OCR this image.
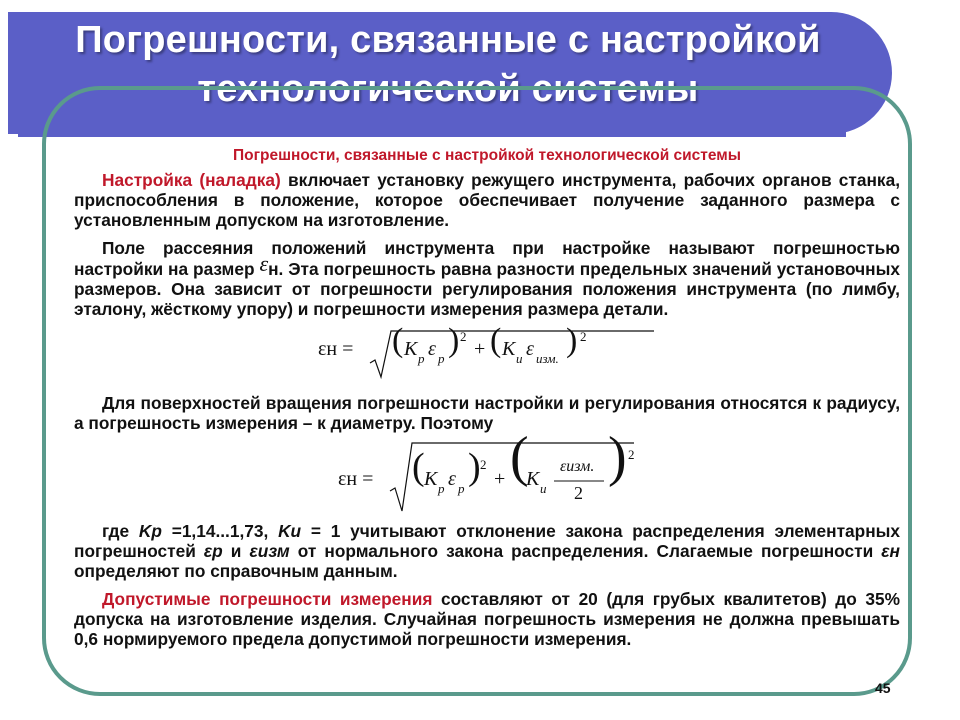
Погрешности, связанные с настройкой технологической системы
Погрешности, связанные с настройкой технологической системы

Настройка (наладка) включает установку режущего инструмента, рабочих органов станка, приспособления в положение, которое обеспечивает получение заданного размера с установленным допуском на изготовление.

Поле рассеяния положений инструмента при настройке называют погрешностью настройки на размер εн. Эта погрешность равна разности предельных значений установочных размеров. Она зависит от погрешности регулирования положения инструмента (по лимбу, эталону, жёсткому упору) и погрешности измерения размера детали.

εн = ( K p ε p ) 2
+ ( K и ε изм. ) 2

Для поверхностей вращения погрешности настройки и регулирования относятся к радиусу, а погрешность измерения – к диаметру. Поэтому

εн = ( K p ε p
) 2
+ (
K и
εизм.
2
) 2

где Kp =1,14...1,73, Kи = 1 учитывают отклонение закона распределения элементарных погрешностей εp и εизм от нормального закона распределения. Слагаемые погрешности εн определяют по справочным данным.

Допустимые погрешности измерения составляют от 20 (для грубых квалитетов) до 35% допуска на изготовление изделия. Случайная погрешность измерения не должна превышать 0,6 нормируемого предела допустимой погрешности измерения.

45
